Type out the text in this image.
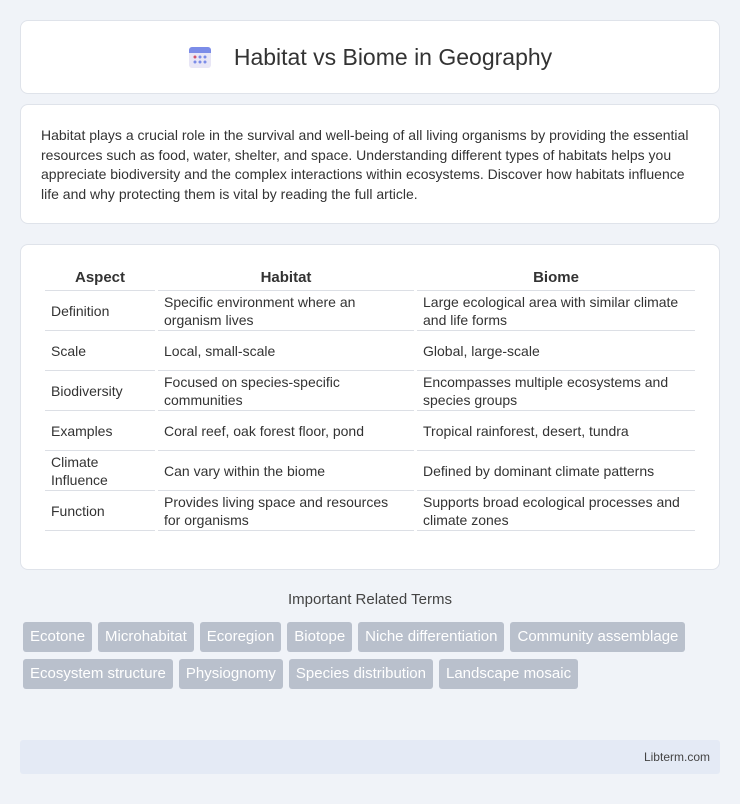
Habitat vs Biome in Geography

Habitat plays a crucial role in the survival and well-being of all living organisms by providing the essential resources such as food, water, shelter, and space. Understanding different types of habitats helps you appreciate biodiversity and the complex interactions within ecosystems. Discover how habitats influence life and why protecting them is vital by reading the full article.

Aspect	Habitat	Biome
Definition	Specific environment where an organism lives	Large ecological area with similar climate and life forms
Scale	Local, small-scale	Global, large-scale
Biodiversity	Focused on species-specific communities	Encompasses multiple ecosystems and species groups
Examples	Coral reef, oak forest floor, pond	Tropical rainforest, desert, tundra
Climate Influence	Can vary within the biome	Defined by dominant climate patterns
Function	Provides living space and resources for organisms	Supports broad ecological processes and climate zones
Important Related Terms
Ecotone	Microhabitat	Ecoregion	Biotope	Niche differentiation	Community assemblage
Ecosystem structure	Physiognomy	Species distribution	Landscape mosaic
Libterm.com
